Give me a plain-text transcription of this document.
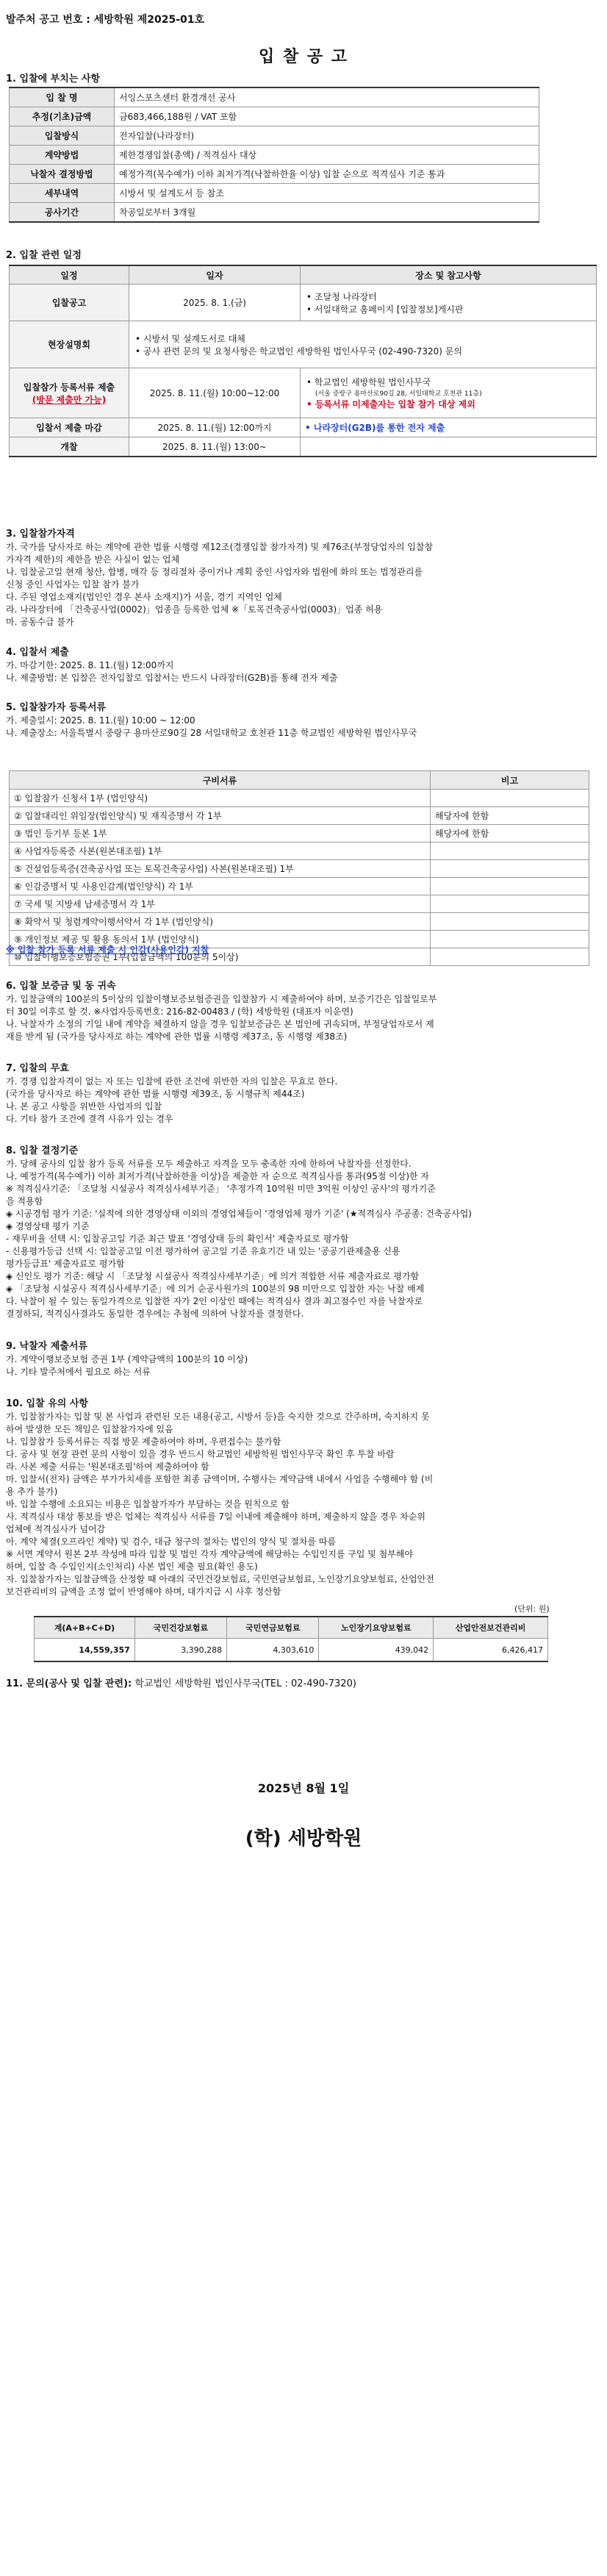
발주처 공고 번호 : 세방학원 제2025-01호
입 찰 공 고
1. 입찰에 부치는 사항
입 찰 명	서잉스포츠센터 환경개선 공사
추정(기초)금액	금683,466,188원 / VAT 포함
입찰방식	전자입찰(나라장터)
계약방법	제한경쟁입찰(총액) / 적격심사 대상
낙찰자 결정방법	예정가격(복수예가) 이하 최저가격(낙찰하한율 이상) 입찰 순으로 적격심사 기준 통과
세부내역	시방서 및 설계도서 등 참조
공사기간	착공일로부터 3개월
2. 입찰 관련 일정
일정	일자	장소 및 참고사항
입찰공고	2025. 8. 1.(금)	• 조달청 나라장터
• 서일대학교 홈페이지 [입찰정보]게시판

현장설명회	• 시방서 및 설계도서로 대체
• 공사 관련 문의 및 요청사항은 학교법인 세방학원 법인사무국 (02-490-7320) 문의	

입찰참가 등록서류 제출
(방문 제출만 가능)	2025. 8. 11.(월) 10:00~12:00	• 학교법인 세방학원 법인사무국
(서울 중랑구 용마산로90길 28, 서일대학교 호천관 11층)
• 등록서류 미제출자는 입찰 참가 대상 제외

입찰서 제출 마감	2025. 8. 11.(월) 12:00까지	• 나라장터(G2B)를 통한 전자 제출
개찰	2025. 8. 11.(월) 13:00~	
3. 입찰참가자격
가. 국가를 당사자로 하는 계약에 관한 법률 시행령 제12조(경쟁입찰 참가자격) 및 제76조(부정당업자의 입찰참
가자격 제한)의 제한을 받은 사실이 없는 업체
나. 입찰공고일 현재 청산, 합병, 매각 등 정리절차 중이거나 계획 중인 사업자와 법원에 화의 또는 법정관리를
신청 중인 사업자는 입찰 참가 불가
다. 주된 영업소재지(법인인 경우 본사 소재지)가 서울, 경기 지역인 업체
라. 나라장터에 「건축공사업(0002)」업종을 등록한 업체 ※「토목건축공사업(0003)」업종 허용
마. 공동수급 불가
4. 입찰서 제출
가. 마감기한: 2025. 8. 11.(월) 12:00까지
나. 제출방법: 본 입찰은 전자입찰로 입찰서는 반드시 나라장터(G2B)를 통해 전자 제출
5. 입찰참가자 등록서류
가. 제출일시: 2025. 8. 11.(월) 10:00 ~ 12:00
나. 제출장소: 서울특별시 중랑구 용마산로90길 28 서일대학교 호천관 11층 학교법인 세방학원 법인사무국
구비서류	비고
① 입찰참가 신청서 1부 (법인양식)	
② 입찰대리인 위임장(법인양식) 및 재직증명서 각 1부	해당자에 한함
③ 법인 등기부 등본 1부	해당자에 한함
④ 사업자등록증 사본(원본대조필) 1부	
⑤ 건설업등록증(건축공사업 또는 토목건축공사업) 사본(원본대조필) 1부	
⑥ 인감증명서 및 사용인감계(법인양식) 각 1부	
⑦ 국세 및 지방세 납세증명서 각 1부	
⑧ 확약서 및 청렴계약이행서약서 각 1부 (법인양식)	
⑨ 개인정보 제공 및 활용 동의서 1부 (법인양식)	
⑩ 입찰이행보증보험증권 1부(입찰금액의 100분의 5이상)	
※ 입찰 참가 등록 서류 제출 시 인감(사용인감) 지참
6. 입찰 보증금 및 동 귀속
가. 입찰금액의 100분의 5이상의 입찰이행보증보험증권을 입찰참가 시 제출하여야 하며, 보증기간은 입찰일로부
터 30일 이후로 할 것. ※사업자등록번호: 216-82-00483 / (학) 세방학원 (대표자 이운연)
나. 낙찰자가 소정의 기일 내에 계약을 체결하지 않을 경우 입찰보증금은 본 법인에 귀속되며, 부정당업자로서 제
재를 받게 됨 (국가를 당사자로 하는 계약에 관한 법률 시행령 제37조, 동 시행령 제38조)
7. 입찰의 무효
가. 경쟁 입찰자격이 없는 자 또는 입찰에 관한 조건에 위반한 자의 입찰은 무효로 한다.
(국가를 당사자로 하는 계약에 관한 법률 시행령 제39조, 동 시행규칙 제44조)
나. 본 공고 사항을 위반한 사업자의 입찰
다. 기타 참가 조건에 결격 사유가 있는 경우
8. 입찰 결정기준
가. 당해 공사의 입찰 참가 등록 서류를 모두 제출하고 자격을 모두 충족한 자에 한하여 낙찰자를 선정한다.
나. 예정가격(복수예가) 이하 최저가격(낙찰하한율 이상)을 제출한 자 순으로 적격심사를 통과(95점 이상)한 자
※ 적격심사기준: 「조달청 시설공사 적격심사세부기준」 '추정가격 10억원 미만 3억원 이상인 공사'의 평가기준
을 적용함
◈ 시공경험 평가 기준: '실적에 의한 경영상태 이외의 경영업체들이 '경영업체 평가 기준' (★적격심사 주공종: 건축공사업)
◈ 경영상태 평가 기준
- 재무비율 선택 시: 입찰공고일 기준 최근 발표 '경영상태 등의 확인서' 제출자료로 평가함
- 신용평가등급 선택 시: 입찰공고일 이전 평가하여 공고일 기준 유효기간 내 있는 '공공기관제출용 신용
평가등급표' 제출자료로 평가함
◈ 신인도 평가 기준: 해당 시 「조달청 시설공사 적격심사세부기준」에 의거 적합한 서류 제출자료로 평가함
◈ 「조달청 시설공사 적격심사세부기준」에 의거 순공사원가의 100분의 98 미만으로 입찰한 자는 낙찰 배제
다. 낙찰이 될 수 있는 동일가격으로 입찰한 자가 2인 이상인 때에는 적격심사 결과 최고점수인 자를 낙찰자로
결정하되, 적격심사결과도 동일한 경우에는 추첨에 의하여 낙찰자를 결정한다.
9. 낙찰자 제출서류
가. 계약이행보증보험 증권 1부 (계약금액의 100분의 10 이상)
나. 기타 발주처에서 필요로 하는 서류
10. 입찰 유의 사항
가. 입찰참가자는 입찰 및 본 사업과 관련된 모든 내용(공고, 시방서 등)을 숙지한 것으로 간주하며, 숙지하지 못
하여 발생한 모든 책임은 입찰참가자에 있음
나. 입찰참가 등록서류는 직접 방문 제출하여야 하며, 우편접수는 불가함
다. 공사 및 현장 관련 문의 사항이 있을 경우 반드시 학교법인 세방학원 법인사무국 확인 후 투찰 바람
라. 사본 제출 서류는 '원본대조필'하여 제출하여야 함
마. 입찰서(전자) 금액은 부가가치세를 포함한 최종 금액이며, 수행사는 계약금액 내에서 사업을 수행해야 함 (비
용 추가 불가)
바. 입찰 수행에 소요되는 비용은 입찰참가자가 부담하는 것을 원칙으로 함
사. 적격심사 대상 통보를 받은 업체는 적격심사 서류를 7일 이내에 제출해야 하며, 제출하지 않을 경우 차순위
업체에 적격심사가 넘어감
아. 계약 체결(오프라인 계약) 및 검수, 대금 청구의 절차는 법인의 양식 및 절차를 따름
※ 서면 계약서 원본 2부 작성에 따라 입찰 및 법인 각자 계약금액에 해당하는 수입인지를 구입 및 첨부해야
하며, 입찰 측 수입인지(소인처리) 사본 법인 제출 필요(확인 용도)
자. 입찰참가자는 입찰금액을 산정할 때 아래의 국민건강보험료, 국민연금보험료, 노인장기요양보험료, 산업안전
보건관리비의 금액을 조정 없이 반영해야 하며, 대가지급 시 사후 정산함
(단위: 원)
계(A+B+C+D)	국민건강보험료	국민연금보험료	노인장기요양보험료	산업안전보건관리비
14,559,357	3,390,288	4,303,610	439,042	6,426,417
11. 문의(공사 및 입찰 관련): 학교법인 세방학원 법인사무국(TEL : 02-490-7320)
2025년 8월 1일
(학) 세방학원
